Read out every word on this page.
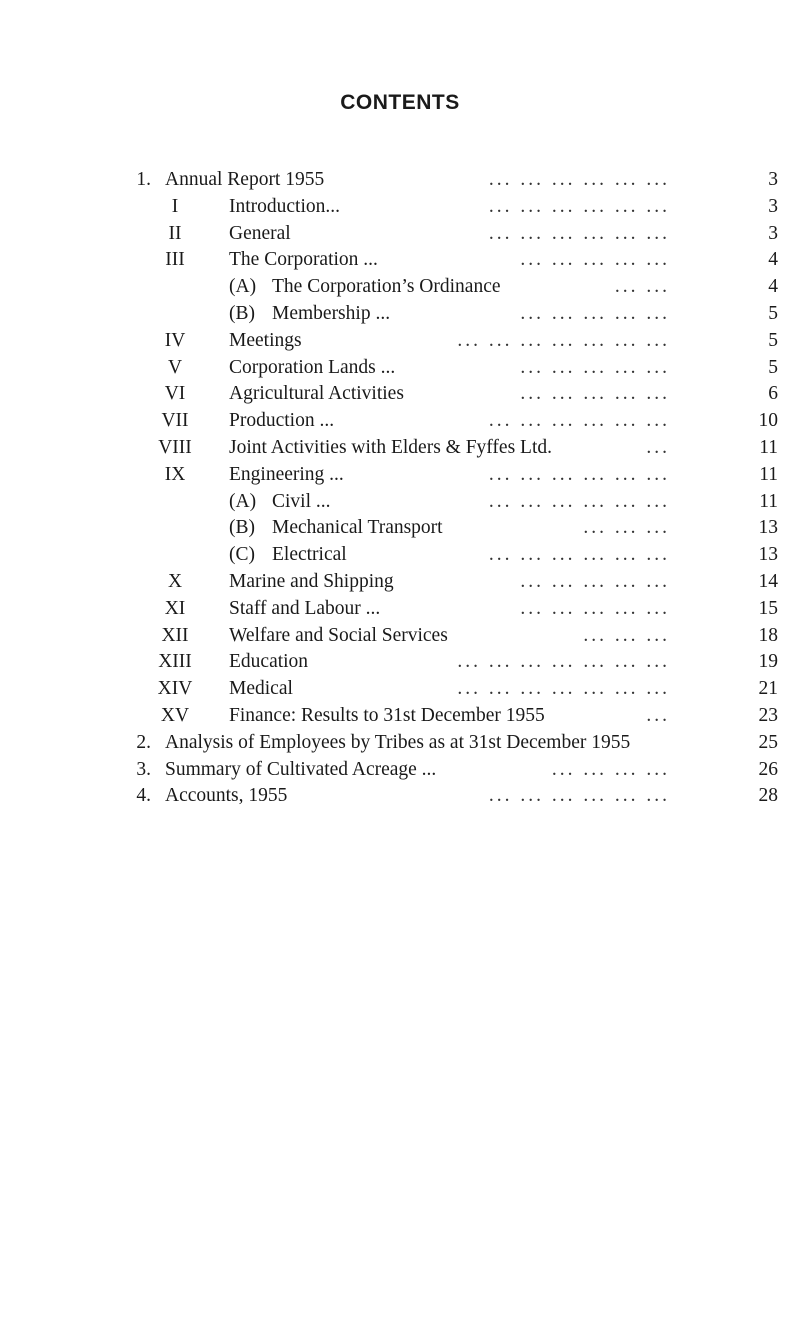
CONTENTS
1. Annual Report 1955	... ... ... ... ... ...	3
I	Introduction...	... ... ... ... ... ...	3
II	General	... ... ... ... ... ...	3
III	The Corporation ...	... ... ... ... ...	4
(A) The Corporation’s Ordinance	... ...	4
(B) Membership ...	... ... ... ... ...	5
IV	Meetings	... ... ... ... ... ... ...	5
V	Corporation Lands ...	... ... ... ... ...	5
VI	Agricultural Activities	... ... ... ... ...	6
VII	Production ...	... ... ... ... ... ...	10
VIII	Joint Activities with Elders & Fyffes Ltd.	...	11
IX	Engineering ...	... ... ... ... ... ...	11
(A) Civil ...	... ... ... ... ... ...	11
(B) Mechanical Transport	... ... ...	13
(C) Electrical	... ... ... ... ... ...	13
X	Marine and Shipping	... ... ... ... ...	14
XI	Staff and Labour ...	... ... ... ... ...	15
XII	Welfare and Social Services	... ... ...	18
XIII	Education	... ... ... ... ... ... ...	19
XIV	Medical	... ... ... ... ... ... ...	21
XV	Finance: Results to 31st December 1955	...	23
2. Analysis of Employees by Tribes as at 31st December 1955	25
3. Summary of Cultivated Acreage ...	... ... ... ...	26
4. Accounts, 1955	... ... ... ... ... ...	28
